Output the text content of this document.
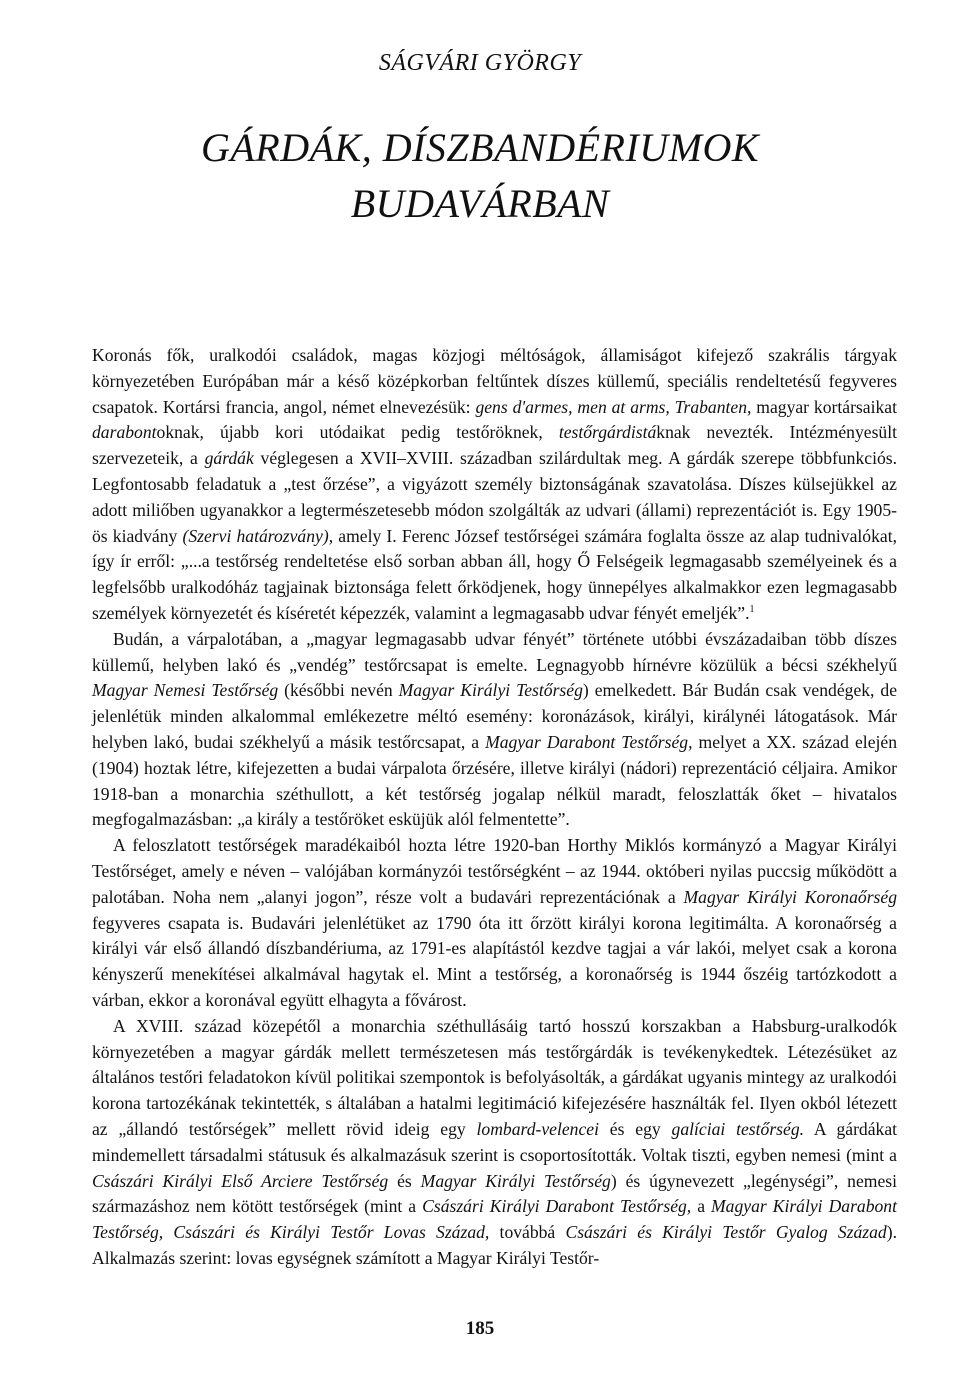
SÁGVÁRI GYÖRGY
GÁRDÁK, DÍSZBANDÉRIUMOK
BUDAVÁRBAN

Koronás fők, uralkodói családok, magas közjogi méltóságok, államiságot kifejező szakrális tárgyak környezetében Európában már a késő középkorban feltűntek díszes küllemű, speciális rendeltetésű fegyveres csapatok. Kortársi francia, angol, német elnevezésük: gens d'armes, men at arms, Trabanten, magyar kortársaikat darabontoknak, újabb kori utódaikat pedig testőröknek, testőrgárdistáknak nevezték. Intézményesült szervezeteik, a gárdák véglegesen a XVII–XVIII. században szilárdultak meg. A gárdák szerepe többfunkciós. Legfontosabb feladatuk a „test őrzése”, a vigyázott személy biztonságának szavatolása. Díszes külsejükkel az adott miliőben ugyanakkor a legtermészetesebb módon szolgálták az udvari (állami) reprezentációt is. Egy 1905-ös kiadvány (Szervi határozvány), amely I. Ferenc József testőrségei számára foglalta össze az alap tudnivalókat, így ír erről: „...a testőrség rendeltetése első sorban abban áll, hogy Ő Felségeik legmagasabb személyeinek és a legfelsőbb uralkodóház tagjainak biztonsága felett őrködjenek, hogy ünnepélyes alkalmakkor ezen legmagasabb személyek környezetét és kíséretét képezzék, valamint a legmagasabb udvar fényét emeljék”.$^1$

Budán, a várpalotában, a „magyar legmagasabb udvar fényét” története utóbbi évszázadaiban több díszes küllemű, helyben lakó és „vendég” testőrcsapat is emelte. Legnagyobb hírnévre közülük a bécsi székhelyű Magyar Nemesi Testőrség (későbbi nevén Magyar Királyi Testőrség) emelkedett. Bár Budán csak vendégek, de jelenlétük minden alkalommal emlékezetre méltó esemény: koronázások, királyi, királynéi látogatások. Már helyben lakó, budai székhelyű a másik testőrcsapat, a Magyar Darabont Testőrség, melyet a XX. század elején (1904) hoztak létre, kifejezetten a budai várpalota őrzésére, illetve királyi (nádori) reprezentáció céljaira. Amikor 1918-ban a monarchia széthullott, a két testőrség jogalap nélkül maradt, feloszlatták őket – hivatalos megfogalmazásban: „a király a testőröket esküjük alól felmentette”.

A feloszlatott testőrségek maradékaiból hozta létre 1920-ban Horthy Miklós kormányzó a Magyar Királyi Testőrséget, amely e néven – valójában kormányzói testőrségként – az 1944. októberi nyilas puccsig működött a palotában. Noha nem „alanyi jogon”, része volt a budavári reprezentációnak a Magyar Királyi Koronaőrség fegyveres csapata is. Budavári jelenlétüket az 1790 óta itt őrzött királyi korona legitimálta. A koronaőrség a királyi vár első állandó díszbandériuma, az 1791-es alapítástól kezdve tagjai a vár lakói, melyet csak a korona kényszerű menekítései alkalmával hagytak el. Mint a testőrség, a koronaőrség is 1944 őszéig tartózkodott a várban, ekkor a koronával együtt elhagyta a fővárost.

A XVIII. század közepétől a monarchia széthullásáig tartó hosszú korszakban a Habsburg-uralkodók környezetében a magyar gárdák mellett természetesen más testőrgárdák is tevékenykedtek. Létezésüket az általános testőri feladatokon kívül politikai szempontok is befolyásolták, a gárdákat ugyanis mintegy az uralkodói korona tartozékának tekintették, s általában a hatalmi legitimáció kifejezésére használták fel. Ilyen okból létezett az „állandó testőrségek” mellett rövid ideig egy lombard-velencei és egy galíciai testőrség. A gárdákat mindemellett társadalmi státusuk és alkalmazásuk szerint is csoportosították. Voltak tiszti, egyben nemesi (mint a Császári Királyi Első Arciere Testőrség és Magyar Királyi Testőrség) és úgynevezett „legénységi”, nemesi származáshoz nem kötött testőrségek (mint a Császári Királyi Darabont Testőrség, a Magyar Királyi Darabont Testőrség, Császári és Királyi Testőr Lovas Század, továbbá Császári és Királyi Testőr Gyalog Század). Alkalmazás szerint: lovas egységnek számított a Magyar Királyi Testőr-

185
